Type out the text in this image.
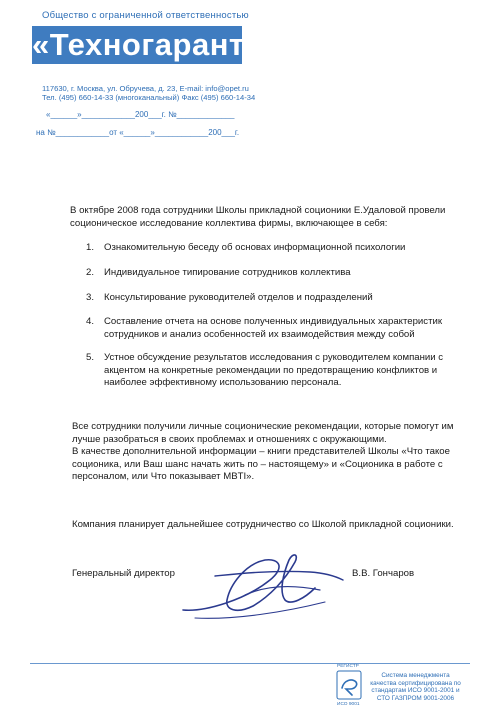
Общество с ограниченной ответственностью
«Техногарант»
117630, г. Москва, ул. Обручева, д. 23, E-mail: info@opet.ru
Тел. (495) 660-14-33 (многоканальный) Факс (495) 660-14-34
«______»____________200___г. №_____________
на №____________от «______»____________200___г.
В октябре 2008 года сотрудники Школы прикладной соционики Е.Удаловой провели соционическое исследование коллектива фирмы, включающее в себя:
1. Ознакомительную беседу об основах информационной психологии
2. Индивидуальное типирование сотрудников коллектива
3. Консультирование руководителей отделов и подразделений
4. Составление отчета на основе полученных индивидуальных характеристик сотрудников и анализ особенностей их взаимодействия между собой
5. Устное обсуждение результатов исследования с руководителем компании с акцентом на конкретные рекомендации по предотвращению конфликтов и наиболее эффективному использованию персонала.
Все сотрудники получили личные соционические рекомендации, которые помогут им лучше разобраться в своих проблемах и отношениях с окружающими.
В качестве дополнительной информации – книги представителей Школы «Что такое соционика, или Ваш шанс начать жить по – настоящему» и «Соционика в работе с персоналом, или Что показывает MBTI».
Компания планирует дальнейшее сотрудничество со Школой прикладной соционики.
Генеральный директор	В.В. Гончаров
РЕГИСТР
ИСО 9001
Система менеджмента качества сертифицирована по стандартам ИСО 9001-2001 и СТО ГАЗПРОМ 9001-2006
